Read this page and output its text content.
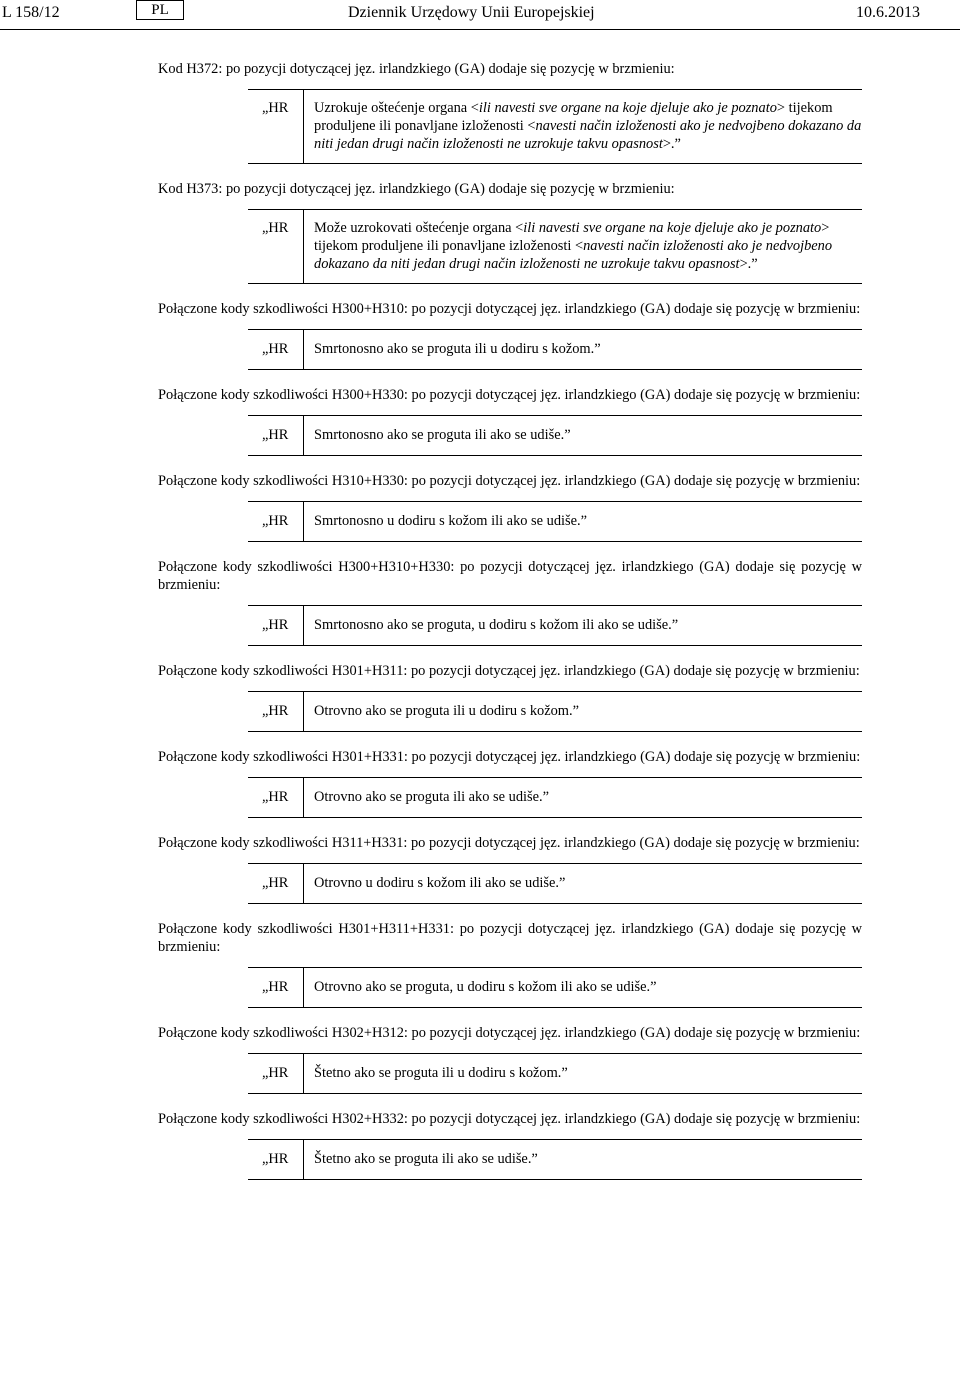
L 158/12	PL	Dziennik Urzędowy Unii Europejskiej	10.6.2013

Kod H372: po pozycji dotyczącej jęz. irlandzkiego (GA) dodaje się pozycję w brzmieniu:

„HR	Uzrokuje oštećenje organa <ili navesti sve organe na koje djeluje ako je poznato> tijekom produljene ili ponavljane izloženosti <navesti način izloženosti ako je nedvojbeno dokazano da niti jedan drugi način izloženosti ne uzrokuje takvu opasnost>.”

Kod H373: po pozycji dotyczącej jęz. irlandzkiego (GA) dodaje się pozycję w brzmieniu:

„HR	Može uzrokovati oštećenje organa <ili navesti sve organe na koje djeluje ako je poznato> tijekom produljene ili ponavljane izloženosti <navesti način izloženosti ako je nedvojbeno dokazano da niti jedan drugi način izloženosti ne uzrokuje takvu opasnost>.”

Połączone kody szkodliwości H300+H310: po pozycji dotyczącej jęz. irlandzkiego (GA) dodaje się pozycję w brzmieniu:

„HR	Smrtonosno ako se proguta ili u dodiru s kožom.”

Połączone kody szkodliwości H300+H330: po pozycji dotyczącej jęz. irlandzkiego (GA) dodaje się pozycję w brzmieniu:

„HR	Smrtonosno ako se proguta ili ako se udiše.”

Połączone kody szkodliwości H310+H330: po pozycji dotyczącej jęz. irlandzkiego (GA) dodaje się pozycję w brzmieniu:

„HR	Smrtonosno u dodiru s kožom ili ako se udiše.”

Połączone kody szkodliwości H300+H310+H330: po pozycji dotyczącej jęz. irlandzkiego (GA) dodaje się pozycję w brzmieniu:

„HR	Smrtonosno ako se proguta, u dodiru s kožom ili ako se udiše.”

Połączone kody szkodliwości H301+H311: po pozycji dotyczącej jęz. irlandzkiego (GA) dodaje się pozycję w brzmieniu:

„HR	Otrovno ako se proguta ili u dodiru s kožom.”

Połączone kody szkodliwości H301+H331: po pozycji dotyczącej jęz. irlandzkiego (GA) dodaje się pozycję w brzmieniu:

„HR	Otrovno ako se proguta ili ako se udiše.”

Połączone kody szkodliwości H311+H331: po pozycji dotyczącej jęz. irlandzkiego (GA) dodaje się pozycję w brzmieniu:

„HR	Otrovno u dodiru s kožom ili ako se udiše.”

Połączone kody szkodliwości H301+H311+H331: po pozycji dotyczącej jęz. irlandzkiego (GA) dodaje się pozycję w brzmieniu:

„HR	Otrovno ako se proguta, u dodiru s kožom ili ako se udiše.”

Połączone kody szkodliwości H302+H312: po pozycji dotyczącej jęz. irlandzkiego (GA) dodaje się pozycję w brzmieniu:

„HR	Štetno ako se proguta ili u dodiru s kožom.”

Połączone kody szkodliwości H302+H332: po pozycji dotyczącej jęz. irlandzkiego (GA) dodaje się pozycję w brzmieniu:

„HR	Štetno ako se proguta ili ako se udiše.”
